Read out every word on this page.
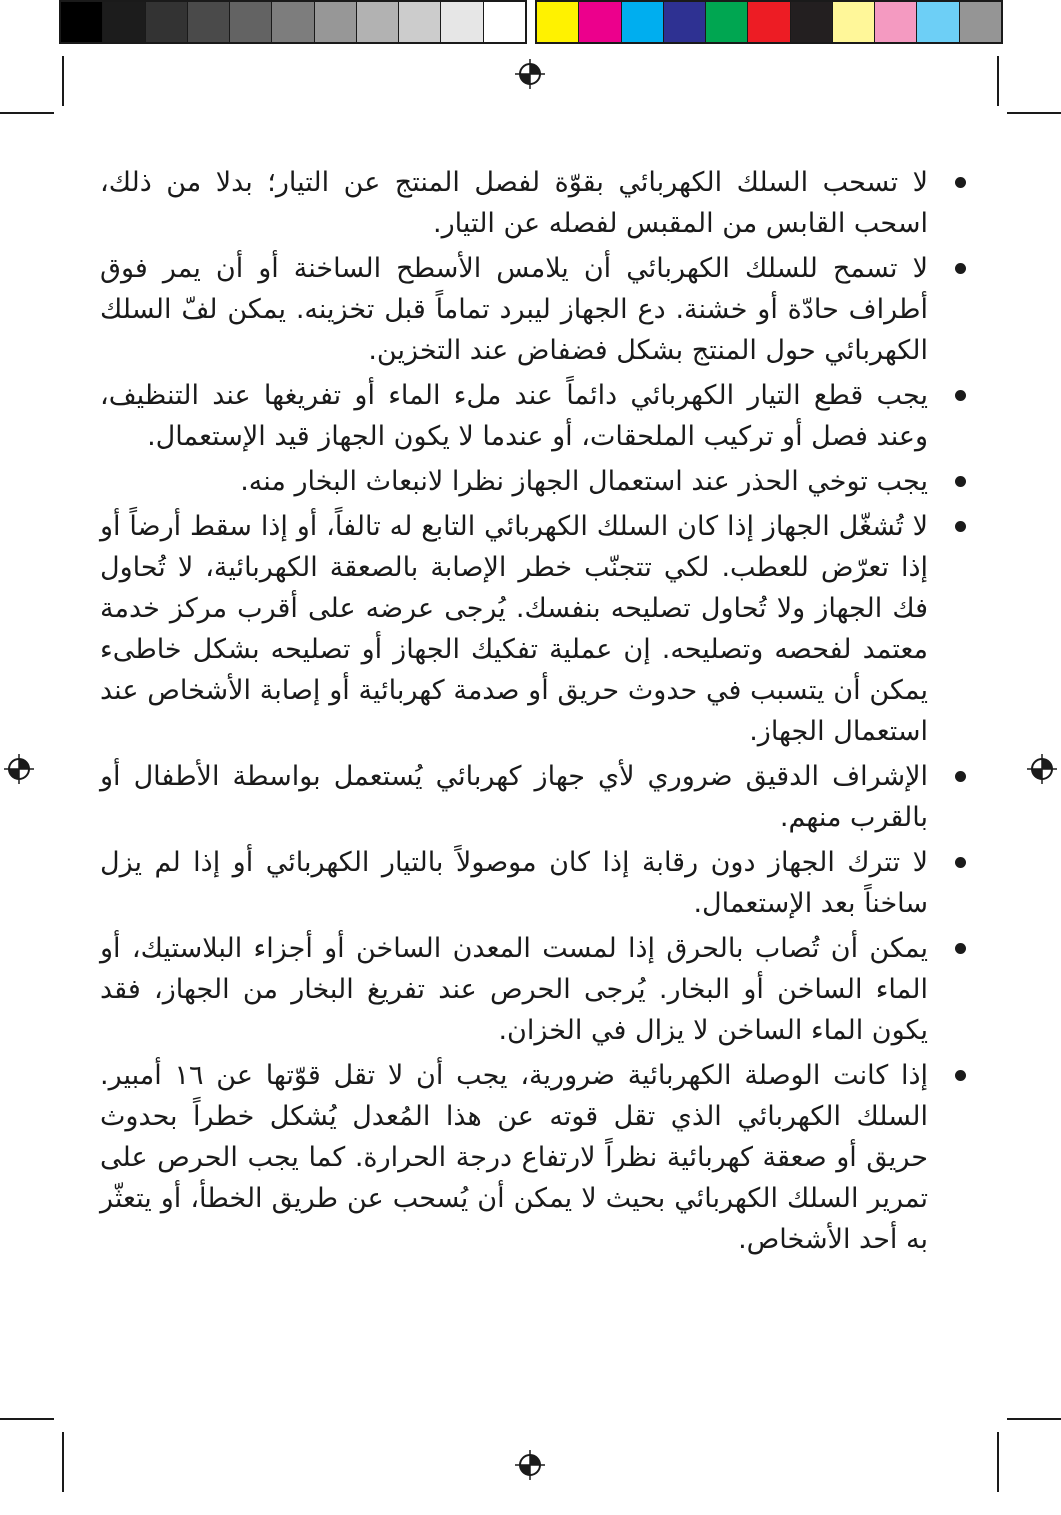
لا تسحب السلك الكهربائي بقوّة لفصل المنتج عن التيار؛ بدلا من ذلك، اسحب القابس من المقبس لفصله عن التيار.
لا تسمح للسلك الكهربائي أن يلامس الأسطح الساخنة أو أن يمر فوق أطراف حادّة أو خشنة. دع الجهاز ليبرد تماماً قبل تخزينه. يمكن لفّ السلك الكهربائي حول المنتج بشكل فضفاض عند التخزين.
يجب قطع التيار الكهربائي دائماً عند ملء الماء أو تفريغها عند التنظيف، وعند فصل أو تركيب الملحقات، أو عندما لا يكون الجهاز قيد الإستعمال.
يجب توخي الحذر عند استعمال الجهاز نظرا لانبعاث البخار منه.
لا تُشغّل الجهاز إذا كان السلك الكهربائي التابع له تالفاً، أو إذا سقط أرضاً أو إذا تعرّض للعطب. لكي تتجنّب خطر الإصابة بالصعقة الكهربائية، لا تُحاول فك الجهاز ولا تُحاول تصليحه بنفسك. يُرجى عرضه على أقرب مركز خدمة معتمد لفحصه وتصليحه. إن عملية تفكيك الجهاز أو تصليحه بشكل خاطىء يمكن أن يتسبب في حدوث حريق أو صدمة كهربائية أو إصابة الأشخاص عند استعمال الجهاز.
الإشراف الدقيق ضروري لأي جهاز كهربائي يُستعمل بواسطة الأطفال أو بالقرب منهم.
لا تترك الجهاز دون رقابة إذا كان موصولاً بالتيار الكهربائي أو إذا لم يزل ساخناً بعد الإستعمال.
يمكن أن تُصاب بالحرق إذا لمست المعدن الساخن أو أجزاء البلاستيك، أو الماء الساخن أو البخار. يُرجى الحرص عند تفريغ البخار من الجهاز، فقد يكون الماء الساخن لا يزال في الخزان.
إذا كانت الوصلة الكهربائية ضرورية، يجب أن لا تقل قوّتها عن ١٦ أمبير. السلك الكهربائي الذي تقل قوته عن هذا المُعدل يُشكل خطراً بحدوث حريق أو صعقة كهربائية نظراً لارتفاع درجة الحرارة. كما يجب الحرص على تمرير السلك الكهربائي بحيث لا يمكن أن يُسحب عن طريق الخطأ، أو يتعثّر به أحد الأشخاص.
